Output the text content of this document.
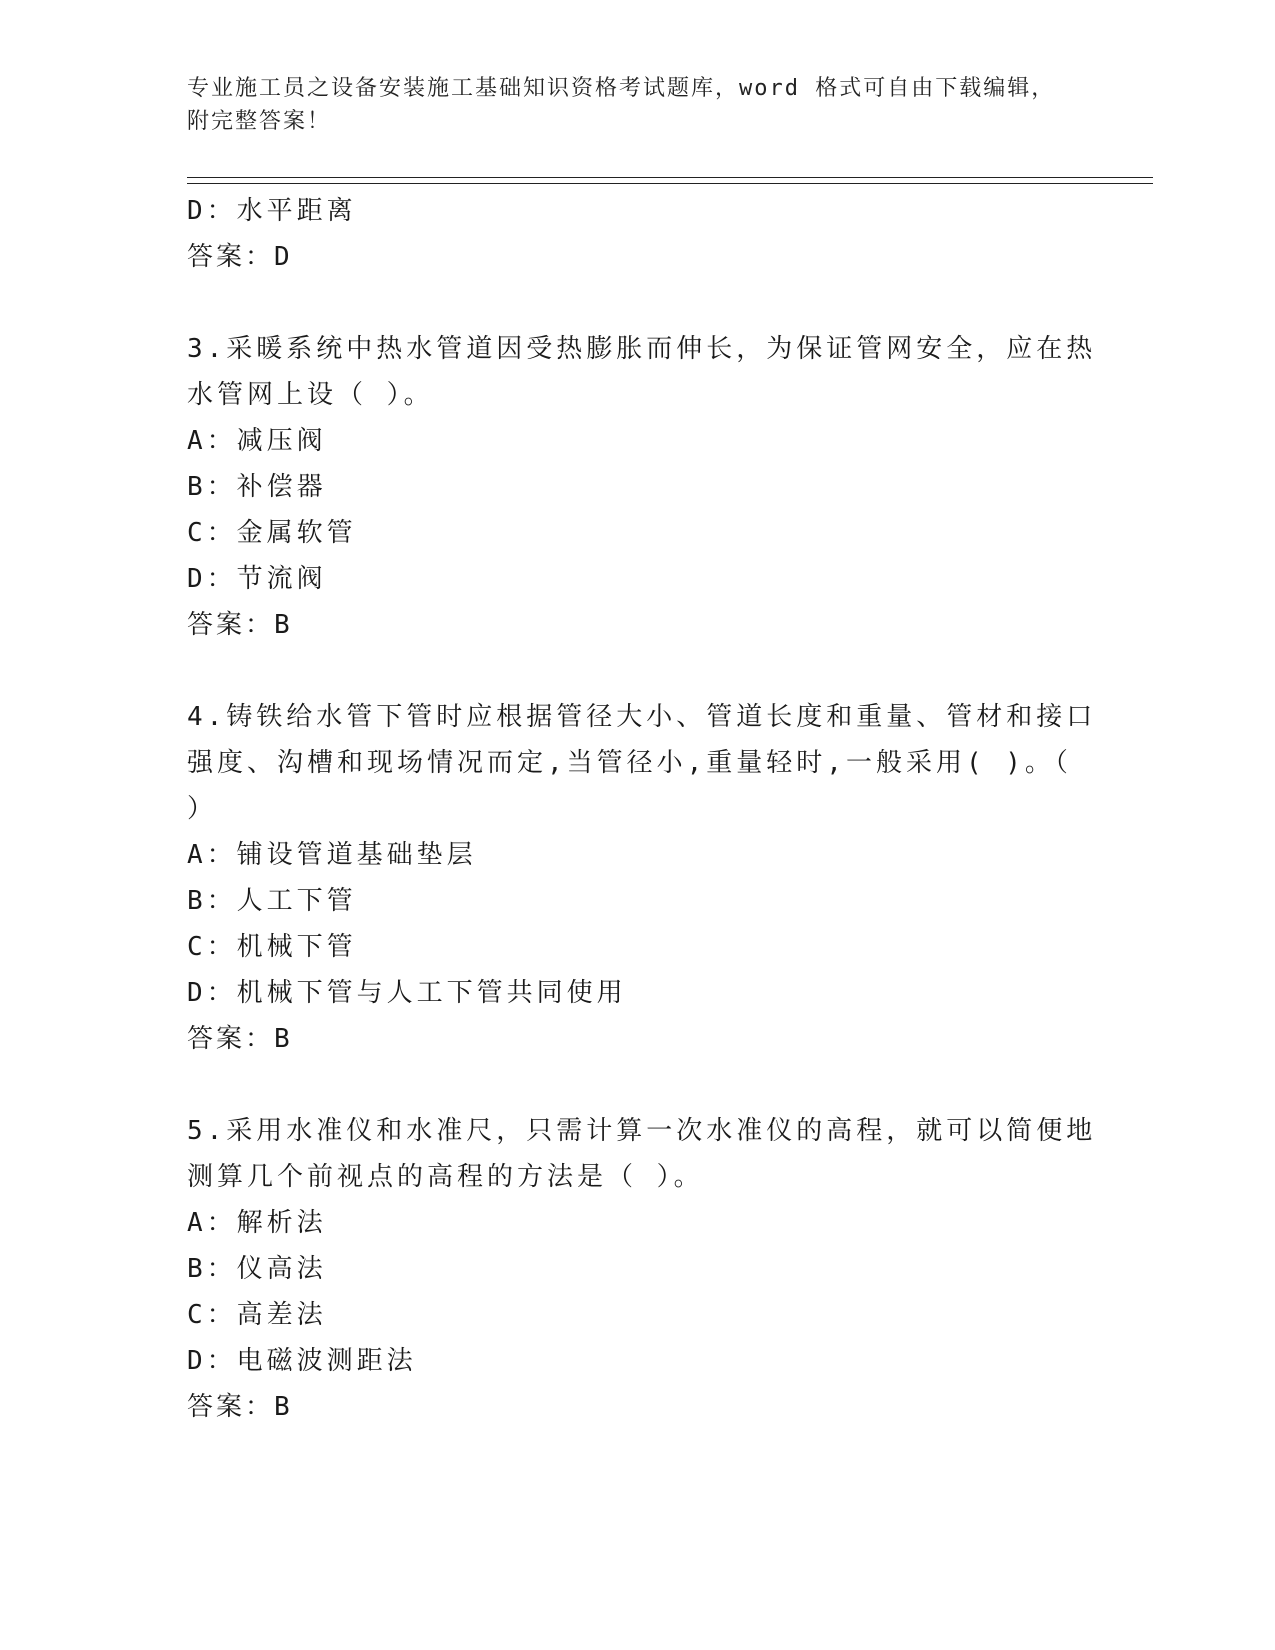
专业施工员之设备安装施工基础知识资格考试题库，word 格式可自由下载编辑，附完整答案！
D：水平距离
答案：D
3.采暖系统中热水管道因受热膨胀而伸长，为保证管网安全，应在热
水管网上设（ ）。
A：减压阀
B：补偿器
C：金属软管
D：节流阀
答案：B
4.铸铁给水管下管时应根据管径大小、管道长度和重量、管材和接口
强度、沟槽和现场情况而定,当管径小,重量轻时,一般采用( )。（
）
A：铺设管道基础垫层
B：人工下管
C：机械下管
D：机械下管与人工下管共同使用
答案：B
5.采用水准仪和水准尺，只需计算一次水准仪的高程，就可以简便地
测算几个前视点的高程的方法是（ ）。
A：解析法
B：仪高法
C：高差法
D：电磁波测距法
答案：B
